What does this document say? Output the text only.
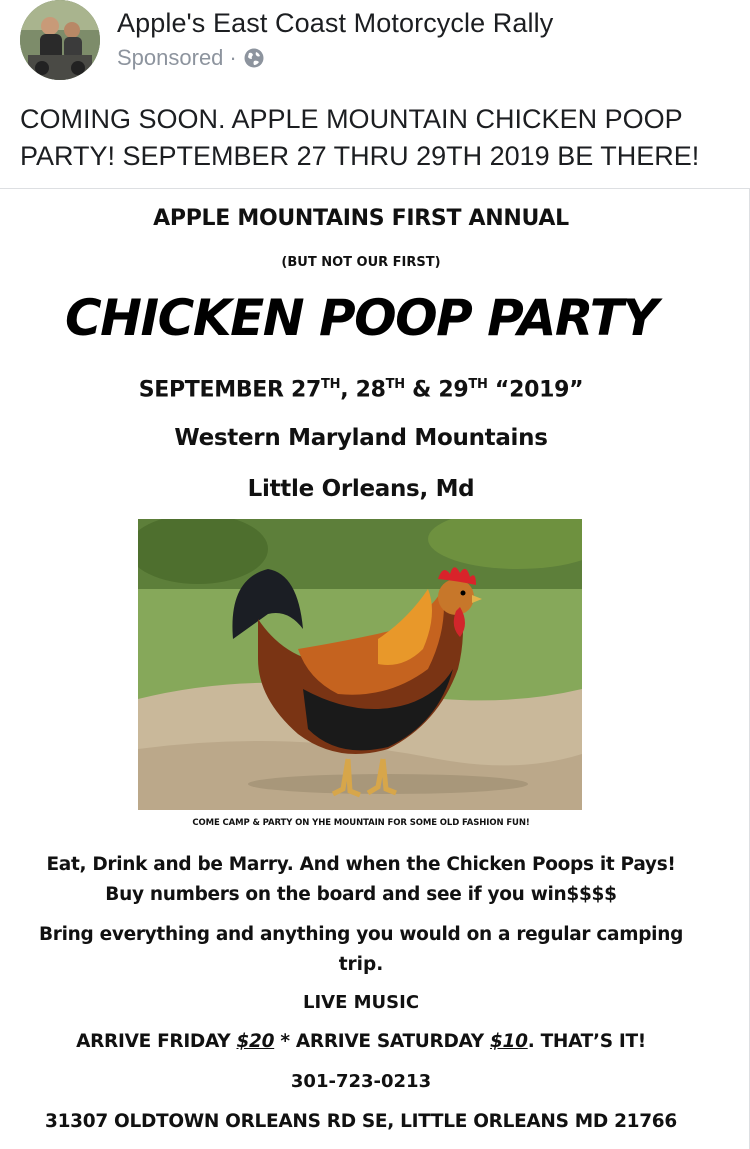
Apple's East Coast Motorcycle Rally
Sponsored ·
COMING SOON. APPLE MOUNTAIN CHICKEN POOP PARTY! SEPTEMBER 27 THRU 29TH 2019 BE THERE!
APPLE MOUNTAINS FIRST ANNUAL
(BUT NOT OUR FIRST)
CHICKEN POOP PARTY
SEPTEMBER 27TH, 28TH & 29TH “2019”
Western Maryland Mountains
Little Orleans, Md
COME CAMP & PARTY ON YHE MOUNTAIN FOR SOME OLD FASHION FUN!
Eat, Drink and be Marry. And when the Chicken Poops it Pays!
Buy numbers on the board and see if you win$$$$
Bring everything and anything you would on a regular camping
trip.
LIVE MUSIC
ARRIVE FRIDAY $20 * ARRIVE SATURDAY $10. THAT’S IT!
301-723-0213
31307 OLDTOWN ORLEANS RD SE, LITTLE ORLEANS MD 21766
